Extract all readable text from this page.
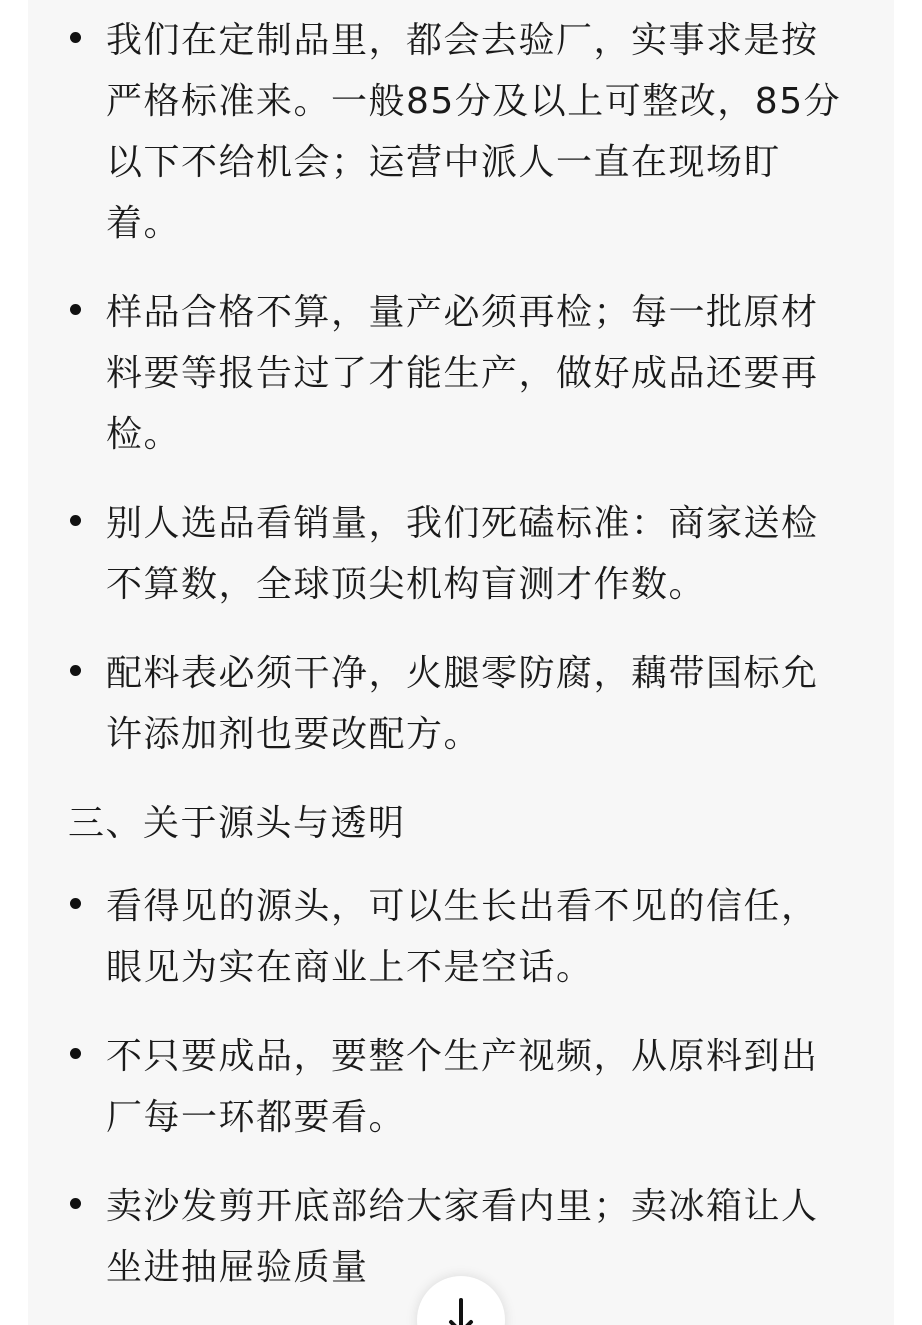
我们在定制品里，都会去验厂，实事求是按严格标准来。一般85分及以上可整改，85分以下不给机会；运营中派人一直在现场盯着。
样品合格不算，量产必须再检；每一批原材料要等报告过了才能生产，做好成品还要再检。
别人选品看销量，我们死磕标准：商家送检不算数，全球顶尖机构盲测才作数。
配料表必须干净，火腿零防腐，藕带国标允许添加剂也要改配方。
三、关于源头与透明
看得见的源头，可以生长出看不见的信任，眼见为实在商业上不是空话。
不只要成品，要整个生产视频，从原料到出厂每一环都要看。
卖沙发剪开底部给大家看内里；卖冰箱让人坐进抽屉验质量
